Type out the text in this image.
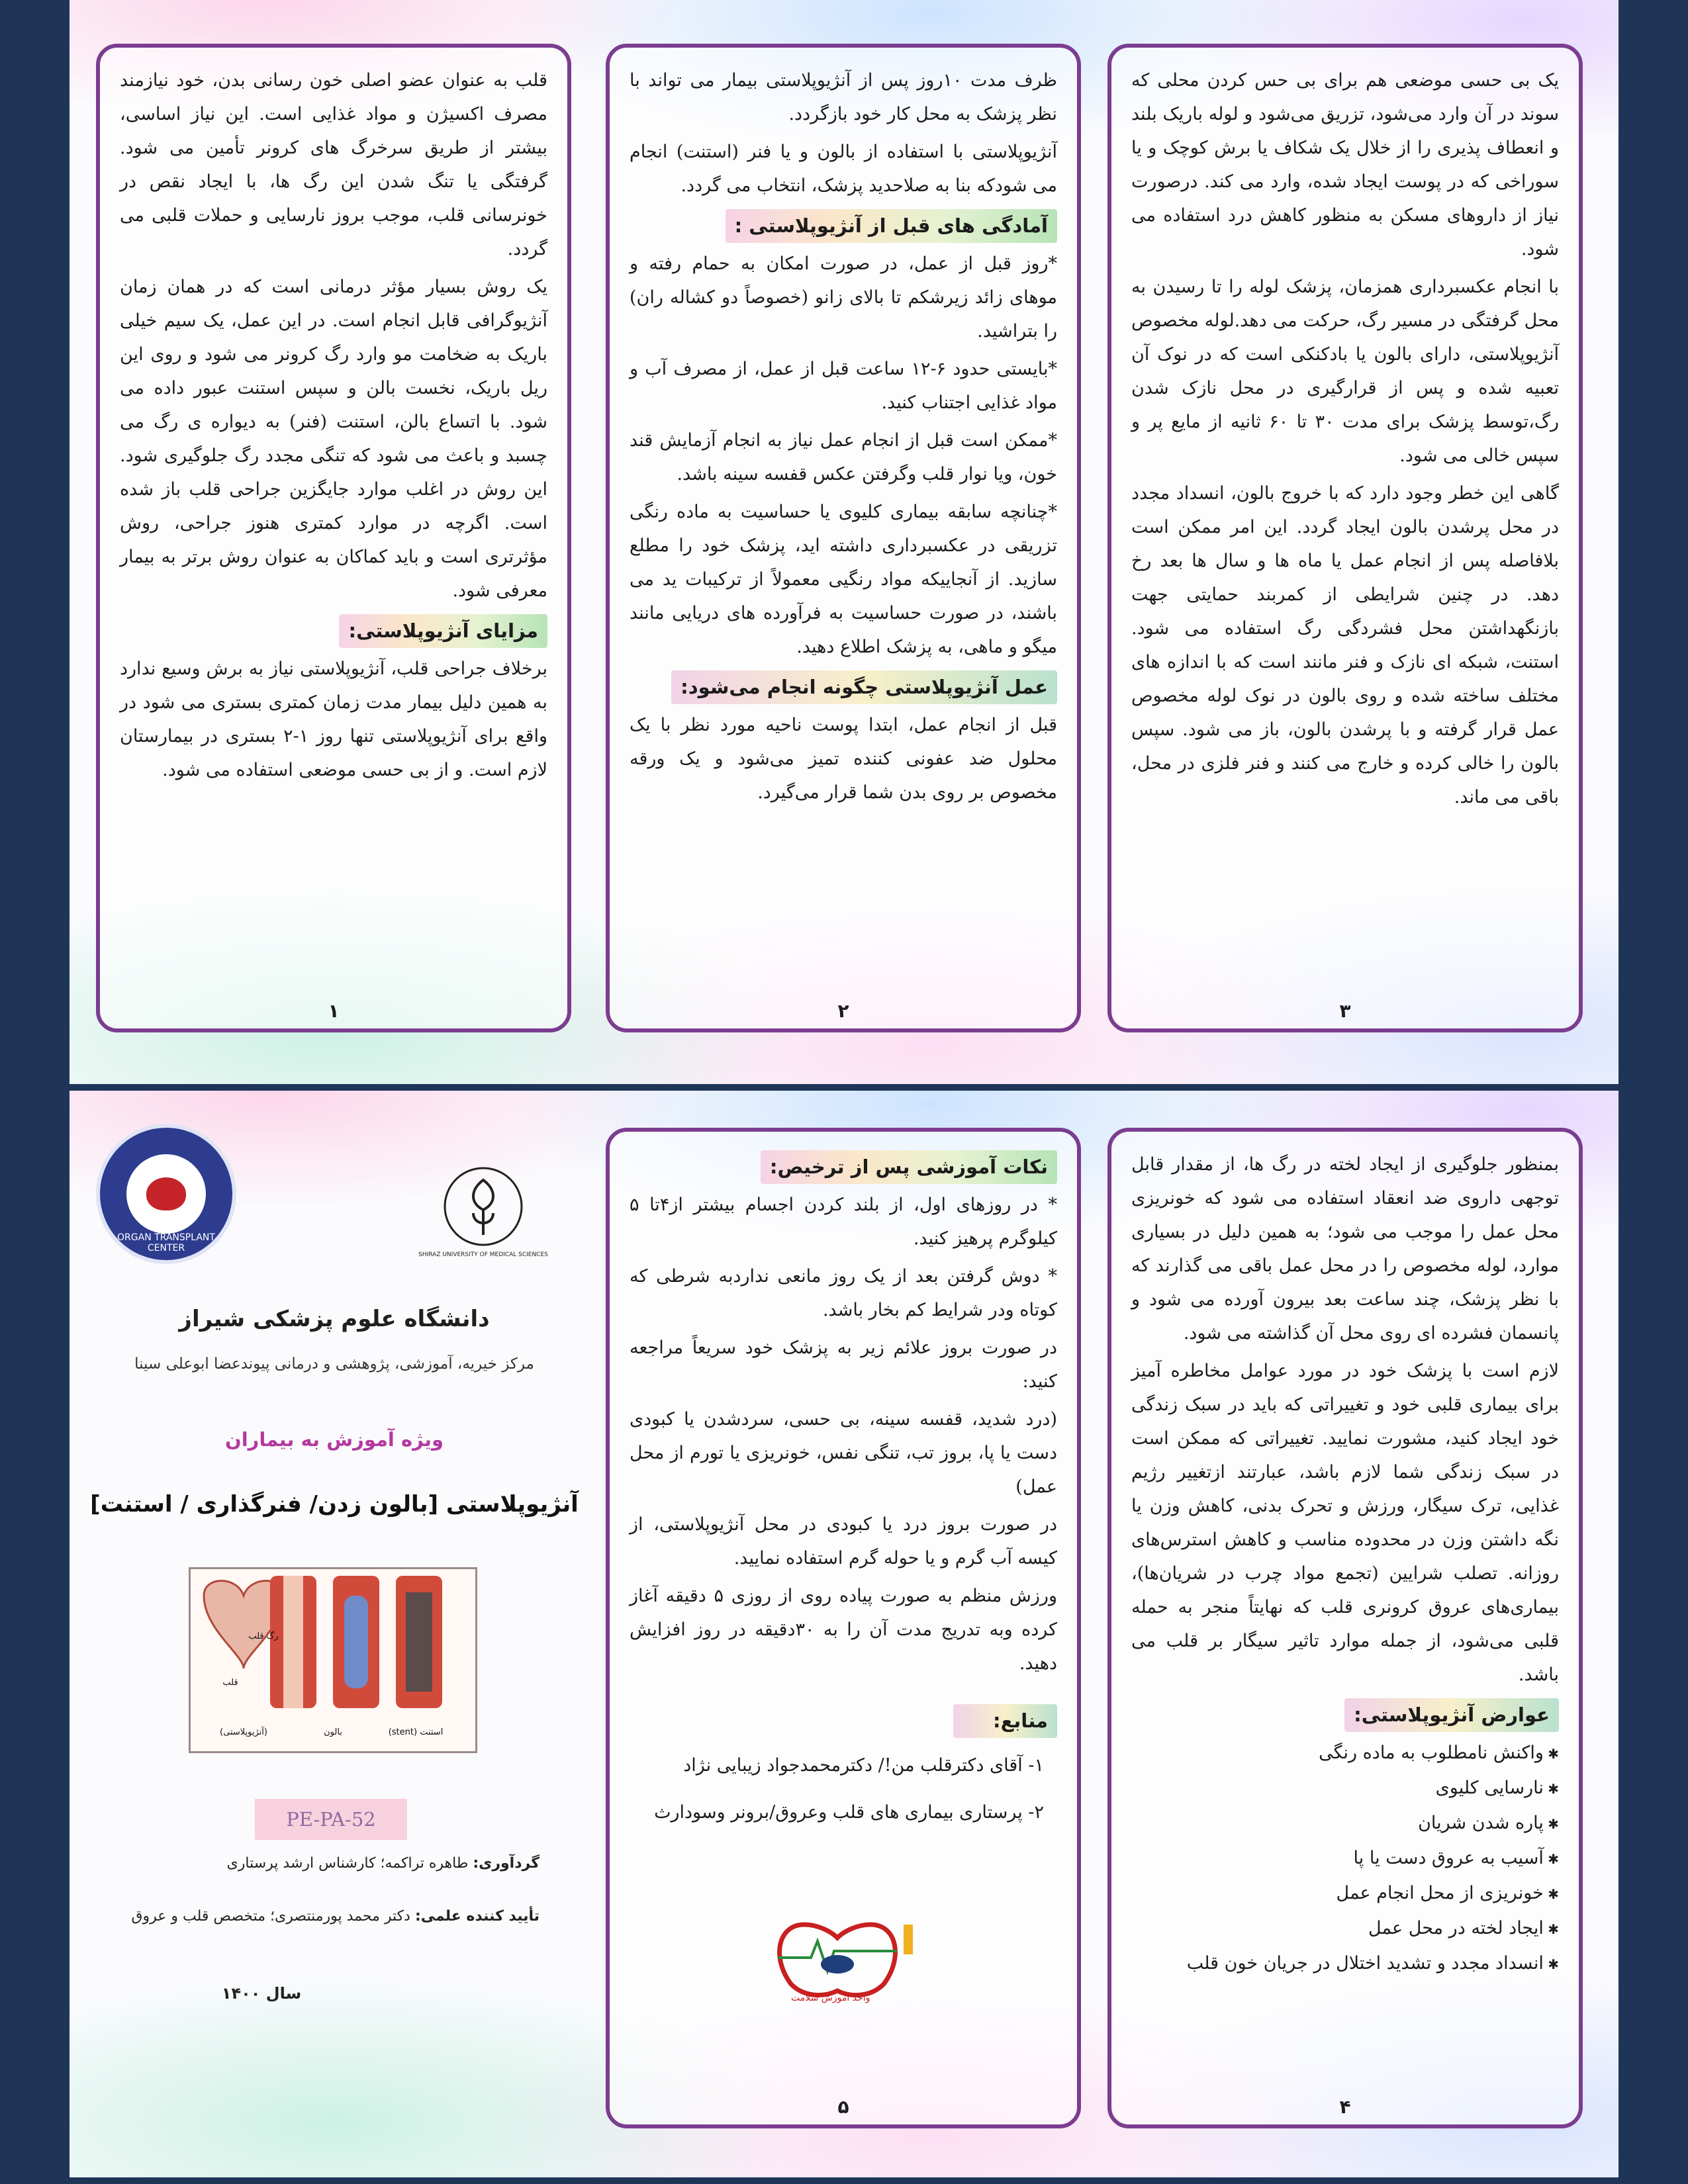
قلب به عنوان عضو اصلی خون رسانی بدن، خود نیازمند مصرف اکسیژن و مواد غذایی است. این نیاز اساسی، بیشتر از طریق سرخرگ های کرونر تأمین می شود. گرفتگی یا تنگ شدن این رگ ها، با ایجاد نقص در خونرسانی قلب، موجب بروز نارسایی و حملات قلبی می گردد.

یک روش بسیار مؤثر درمانی است که در همان زمان آنژیوگرافی قابل انجام است. در این عمل، یک سیم خیلی باریک به ضخامت مو وارد رگ کرونر می شود و روی این ریل باریک، نخست بالن و سپس استنت عبور داده می شود. با اتساع بالن، استنت (فنر) به دیواره ی رگ می چسبد و باعث می شود که تنگی مجدد رگ جلوگیری شود. این روش در اغلب موارد جایگزین جراحی قلب باز شده است. اگرچه در موارد کمتری هنوز جراحی، روش مؤثرتری است و باید کماکان به عنوان روش برتر به بیمار معرفی شود.

مزایای آنژیوپلاستی:

برخلاف جراحی قلب، آنژیوپلاستی نیاز به برش وسیع ندارد به همین دلیل بیمار مدت زمان کمتری بستری می شود در واقع برای آنژیوپلاستی تنها روز ۱-۲ بستری در بیمارستان لازم است. و از بی حسی موضعی استفاده می شود.

۱

ظرف مدت ۱۰روز پس از آنژیوپلاستی بیمار می تواند با نظر پزشک به محل کار خود بازگردد.

آنژیوپلاستی با استفاده از بالون و یا فنر (استنت) انجام می شودکه بنا به صلاحدید پزشک، انتخاب می گردد.

آمادگی های قبل از آنژیوپلاستی :

*روز قبل از عمل، در صورت امکان به حمام رفته و موهای زائد زیرشکم تا بالای زانو (خصوصاً دو کشاله ران) را بتراشید.

*بایستی حدود ۶-۱۲ ساعت قبل از عمل، از مصرف آب و مواد غذایی اجتناب کنید.

*ممکن است قبل از انجام عمل نیاز به انجام آزمایش قند خون، ویا نوار قلب وگرفتن عکس قفسه سینه باشد.

*چنانچه سابقه بیماری کلیوی یا حساسیت به ماده رنگی تزریقی در عکسبرداری داشته اید، پزشک خود را مطلع سازید. از آنجاییکه مواد رنگیی معمولاً از ترکیبات ید می باشند، در صورت حساسیت به فرآورده های دریایی مانند میگو و ماهی، به پزشک اطلاع دهید.

عمل آنژیوپلاستی چگونه انجام می‌شود:

قبل از انجام عمل، ابتدا پوست ناحیه مورد نظر با یک محلول ضد عفونی کننده تمیز می‌شود و یک ورقه مخصوص بر روی بدن شما قرار می‌گیرد.

۲

یک بی حسی موضعی هم برای بی حس کردن محلی که سوند در آن وارد می‌شود، تزریق می‌شود و لوله باریک بلند و انعطاف پذیری را از خلال یک شکاف یا برش کوچک و یا سوراخی که در پوست ایجاد شده، وارد می کند. درصورت نیاز از داروهای مسکن به منظور کاهش درد استفاده می شود.

با انجام عکسبرداری همزمان، پزشک لوله را تا رسیدن به محل گرفتگی در مسیر رگ، حرکت می دهد.لوله مخصوص آنژیوپلاستی، دارای بالون یا بادکنکی است که در نوک آن تعبیه شده و پس از قرارگیری در محل نازک شدن رگ،توسط پزشک برای مدت ۳۰ تا ۶۰ ثانیه از مایع پر و سپس خالی می شود.

گاهی این خطر وجود دارد که با خروج بالون، انسداد مجدد در محل پرشدن بالون ایجاد گردد. این امر ممکن است بلافاصله پس از انجام عمل یا ماه ها و سال ها بعد رخ دهد. در چنین شرایطی از کمربند حمایتی جهت بازنگهداشتن محل فشردگی رگ استفاده می شود. استنت، شبکه ای نازک و فنر مانند است که با اندازه های مختلف ساخته شده و روی بالون در نوک لوله مخصوص عمل قرار گرفته و با پرشدن بالون، باز می شود. سپس بالون را خالی کرده و خارج می کنند و فنر فلزی در محل، باقی می ماند.

۳
ORGAN TRANSPLANT CENTER
SHIRAZ UNIVERSITY OF MEDICAL SCIENCES
دانشگاه علوم پزشکی شیراز
مرکز خیریه، آموزشی، پژوهشی و درمانی پیوندعضا ابوعلی سینا
ویژه آموزش به بیماران
آنژیوپلاستی [بالون زدن/ فنرگذاری / استنت]
قلب
رگ قلب
(آنژیوپلاستی)	بالون	استنت (stent)
PE-PA-52
گردآوری: طاهره تراکمه؛ کارشناس ارشد پرستاری
تأیید کننده علمی: دکتر محمد پورمنتصری؛ متخصص قلب و عروق
سال ۱۴۰۰
نکات آموزشی پس از ترخیص:

* در روزهای اول، از بلند کردن اجسام بیشتر از۴تا ۵ کیلوگرم پرهیز کنید.

* دوش گرفتن بعد از یک روز مانعی نداردبه شرطی که کوتاه ودر شرایط کم بخار باشد.

در صورت بروز علائم زیر به پزشک خود سریعاً مراجعه کنید:

(درد شدید، قفسه سینه، بی حسی، سردشدن یا کبودی دست یا پا، بروز تب، تنگی نفس، خونریزی یا تورم از محل عمل)

در صورت بروز درد یا کبودی در محل آنژیوپلاستی، از کیسه آب گرم و یا حوله گرم استفاده نمایید.

ورزش منظم به صورت پیاده روی از روزی ۵ دقیقه آغاز کرده وبه تدریج مدت آن را به ۳۰دقیقه در روز افزایش دهید.

منابع:
۱- آقای دکترقلب من!/ دکترمحمدجواد زیبایی نژاد
۲- پرستاری بیماری های قلب وعروق/برونر وسودارث
۵
واحد آموزش سلامت

بمنظور جلوگیری از ایجاد لخته در رگ ها، از مقدار قابل توجهی داروی ضد انعقاد استفاده می شود که خونریزی محل عمل را موجب می شود؛ به همین دلیل در بسیاری موارد، لوله مخصوص را در محل عمل باقی می گذارند که با نظر پزشک، چند ساعت بعد بیرون آورده می شود و پانسمان فشرده ای روی محل آن گذاشته می شود.

لازم است با پزشک خود در مورد عوامل مخاطره آمیز برای بیماری قلبی خود و تغییراتی که باید در سبک زندگی خود ایجاد کنید، مشورت نمایید. تغییراتی که ممکن است در سبک زندگی شما لازم باشد، عبارتند ازتغییر رژیم غذایی، ترک سیگار، ورزش و تحرک بدنی، کاهش وزن یا نگه داشتن وزن در محدوده مناسب و کاهش استرس‌های روزانه. تصلب شرایین (تجمع مواد چرب در شریان‌ها)، بیماری‌های عروق کرونری قلب که نهایتاً منجر به حمله قلبی می‌شود، از جمله موارد تاثیر سیگار بر قلب می باشد.

عوارض آنژیوپلاستی:
✱ واکنش نامطلوب به ماده رنگی
✱ نارسایی کلیوی
✱ پاره شدن شریان
✱ آسیب به عروق دست یا پا
✱ خونریزی از محل انجام عمل
✱ ایجاد لخته در محل عمل
✱ انسداد مجدد و تشدید اختلال در جریان خون قلب
۴
